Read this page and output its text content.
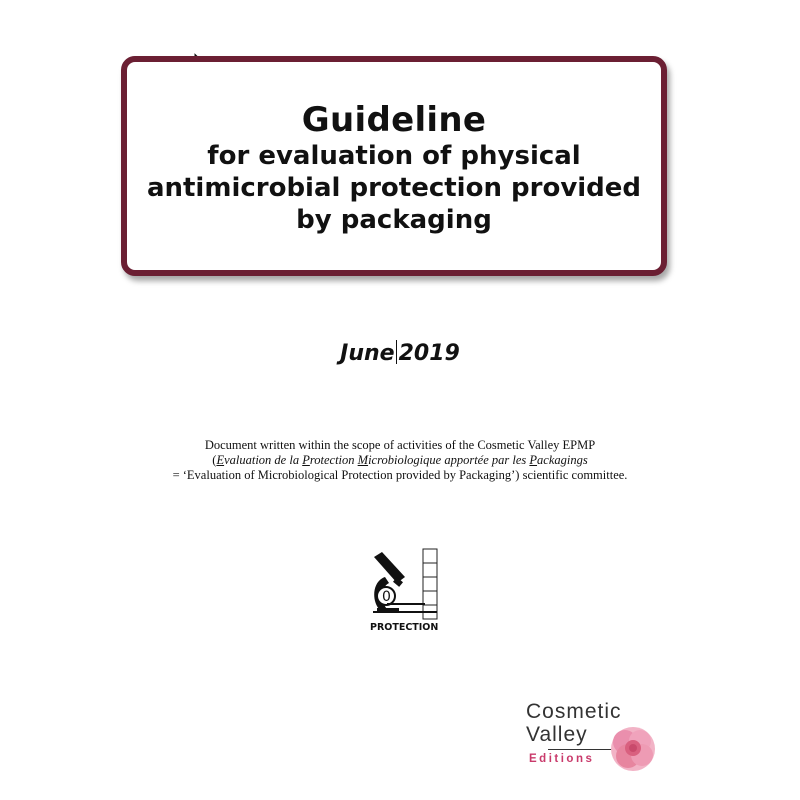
Guideline
for evaluation of physical
antimicrobial protection provided
by packaging
June 2019
Document written within the scope of activities of the Cosmetic Valley EPMP
(Evaluation de la Protection Microbiologique apportée par les Packagings
= ‘Evaluation of Microbiological Protection provided by Packaging’) scientific committee.
0
PROTECTION
Cosmetic
Valley
Editions
